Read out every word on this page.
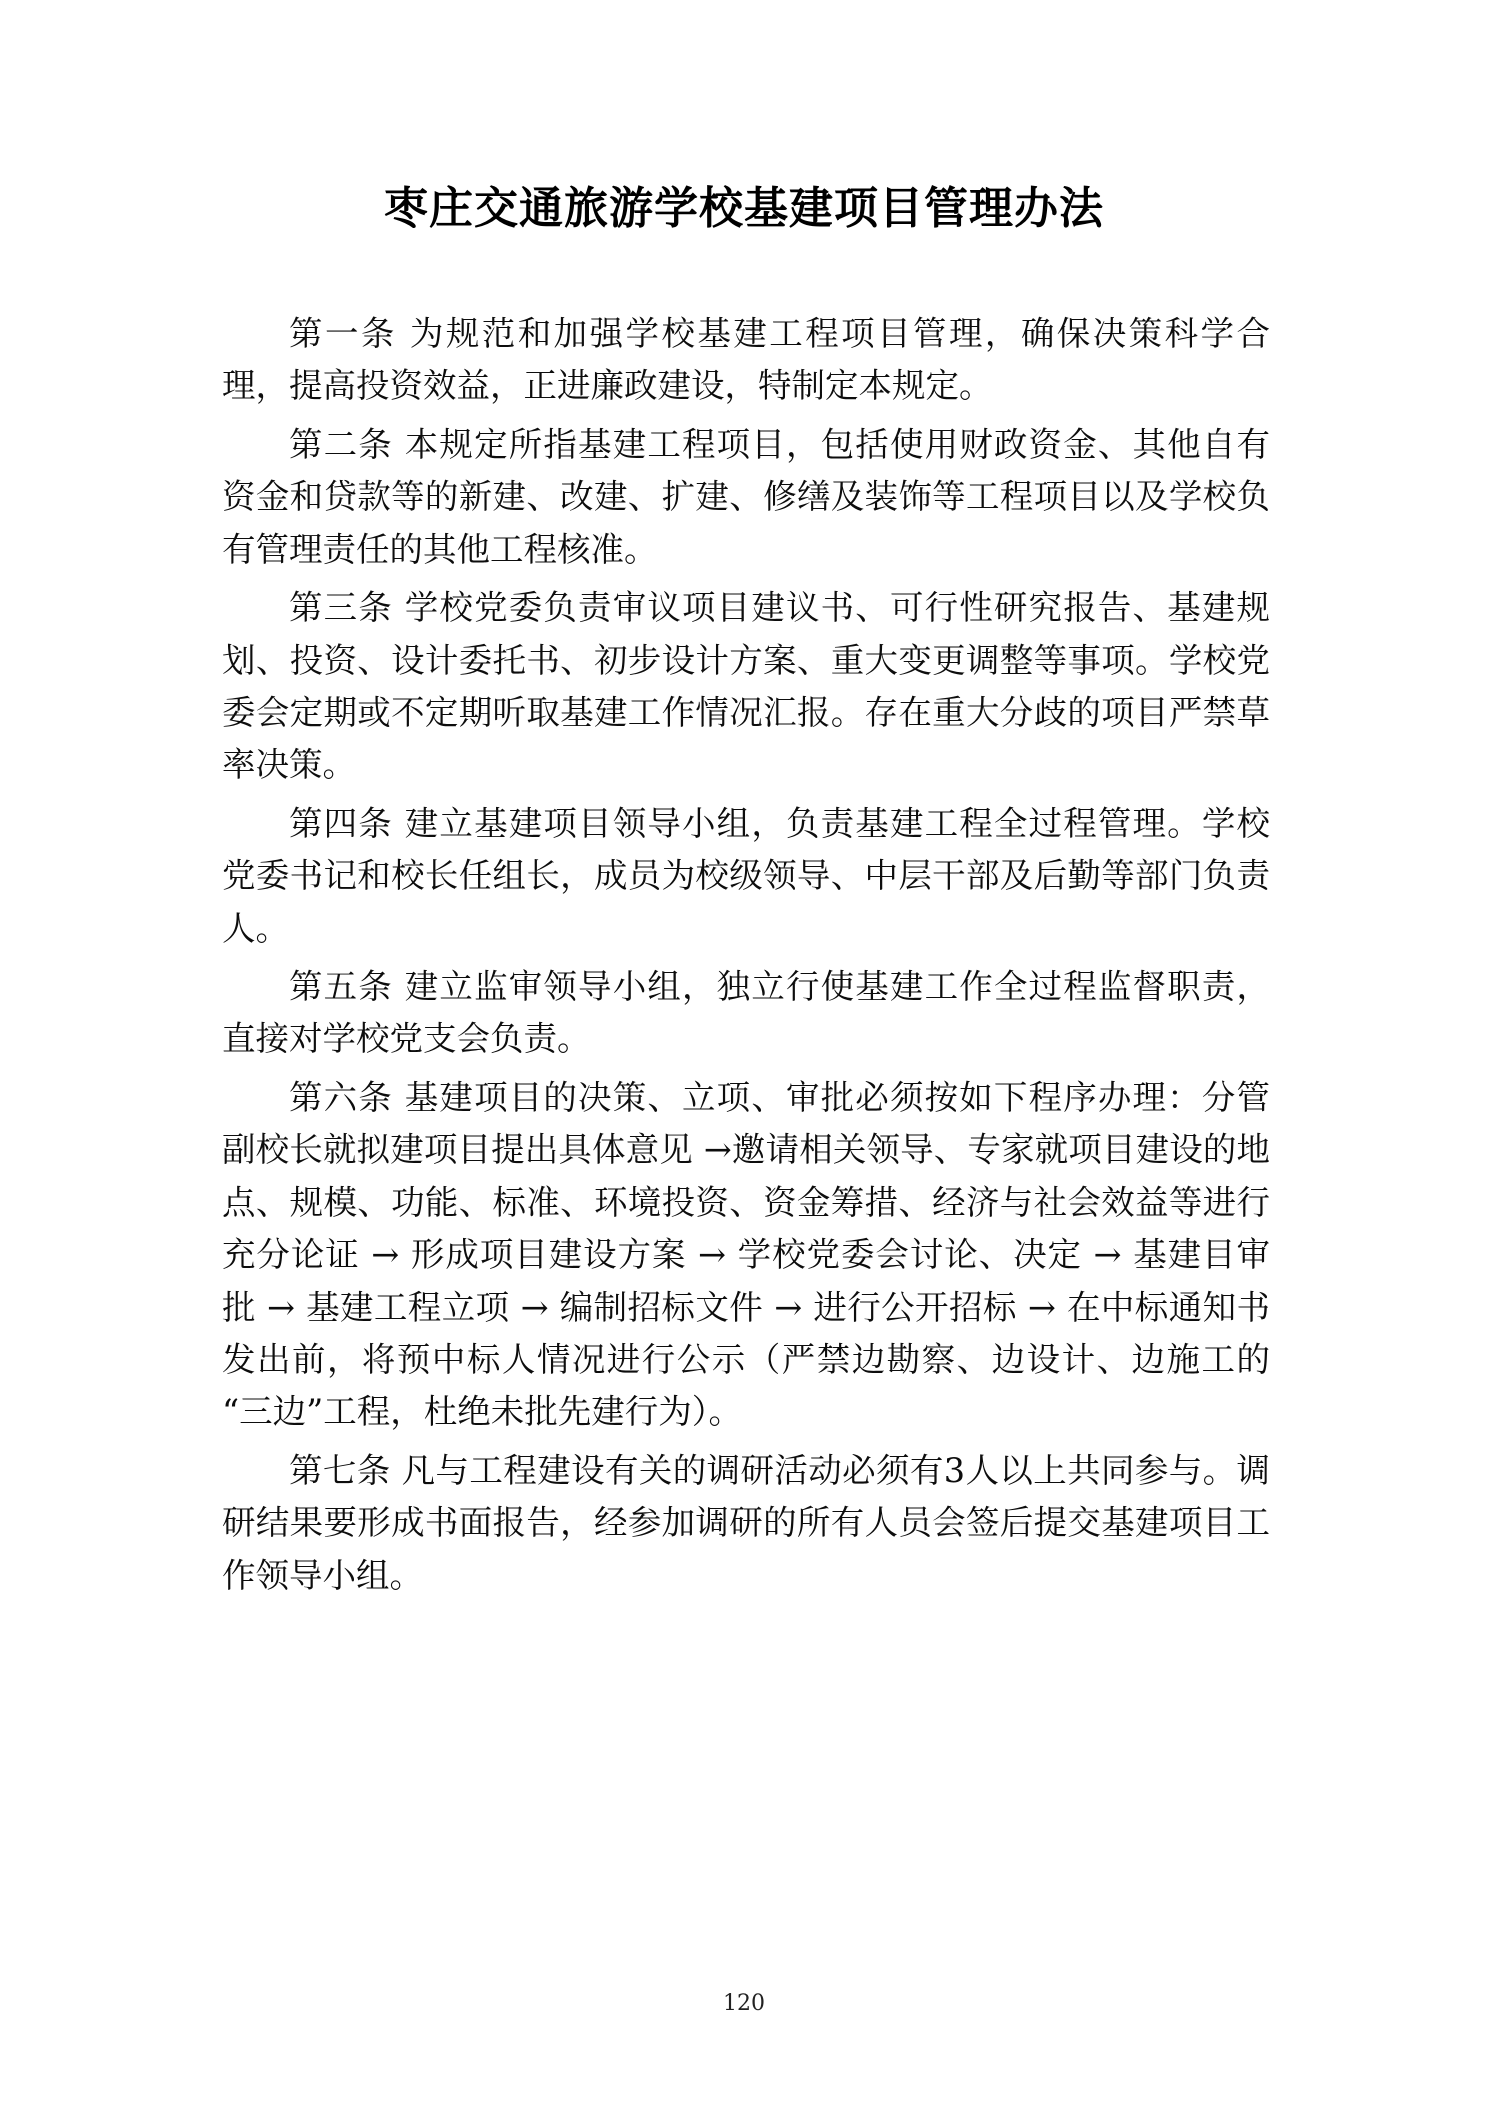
枣庄交通旅游学校基建项目管理办法

第一条 为规范和加强学校基建工程项目管理，确保决策科学合理，提高投资效益，正进廉政建设，特制定本规定。

第二条 本规定所指基建工程项目，包括使用财政资金、其他自有资金和贷款等的新建、改建、扩建、修缮及装饰等工程项目以及学校负有管理责任的其他工程核准。

第三条 学校党委负责审议项目建议书、可行性研究报告、基建规划、投资、设计委托书、初步设计方案、重大变更调整等事项。学校党委会定期或不定期听取基建工作情况汇报。存在重大分歧的项目严禁草率决策。

第四条 建立基建项目领导小组，负责基建工程全过程管理。学校党委书记和校长任组长，成员为校级领导、中层干部及后勤等部门负责人。

第五条 建立监审领导小组，独立行使基建工作全过程监督职责，直接对学校党支会负责。

第六条 基建项目的决策、立项、审批必须按如下程序办理：分管副校长就拟建项目提出具体意见 →邀请相关领导、专家就项目建设的地点、规模、功能、标准、环境投资、资金筹措、经济与社会效益等进行充分论证 → 形成项目建设方案 → 学校党委会讨论、决定 → 基建目审批 → 基建工程立项 → 编制招标文件 → 进行公开招标 → 在中标通知书发出前，将预中标人情况进行公示（严禁边勘察、边设计、边施工的“三边”工程，杜绝未批先建行为）。

第七条 凡与工程建设有关的调研活动必须有3人以上共同参与。调研结果要形成书面报告，经参加调研的所有人员会签后提交基建项目工作领导小组。

120
